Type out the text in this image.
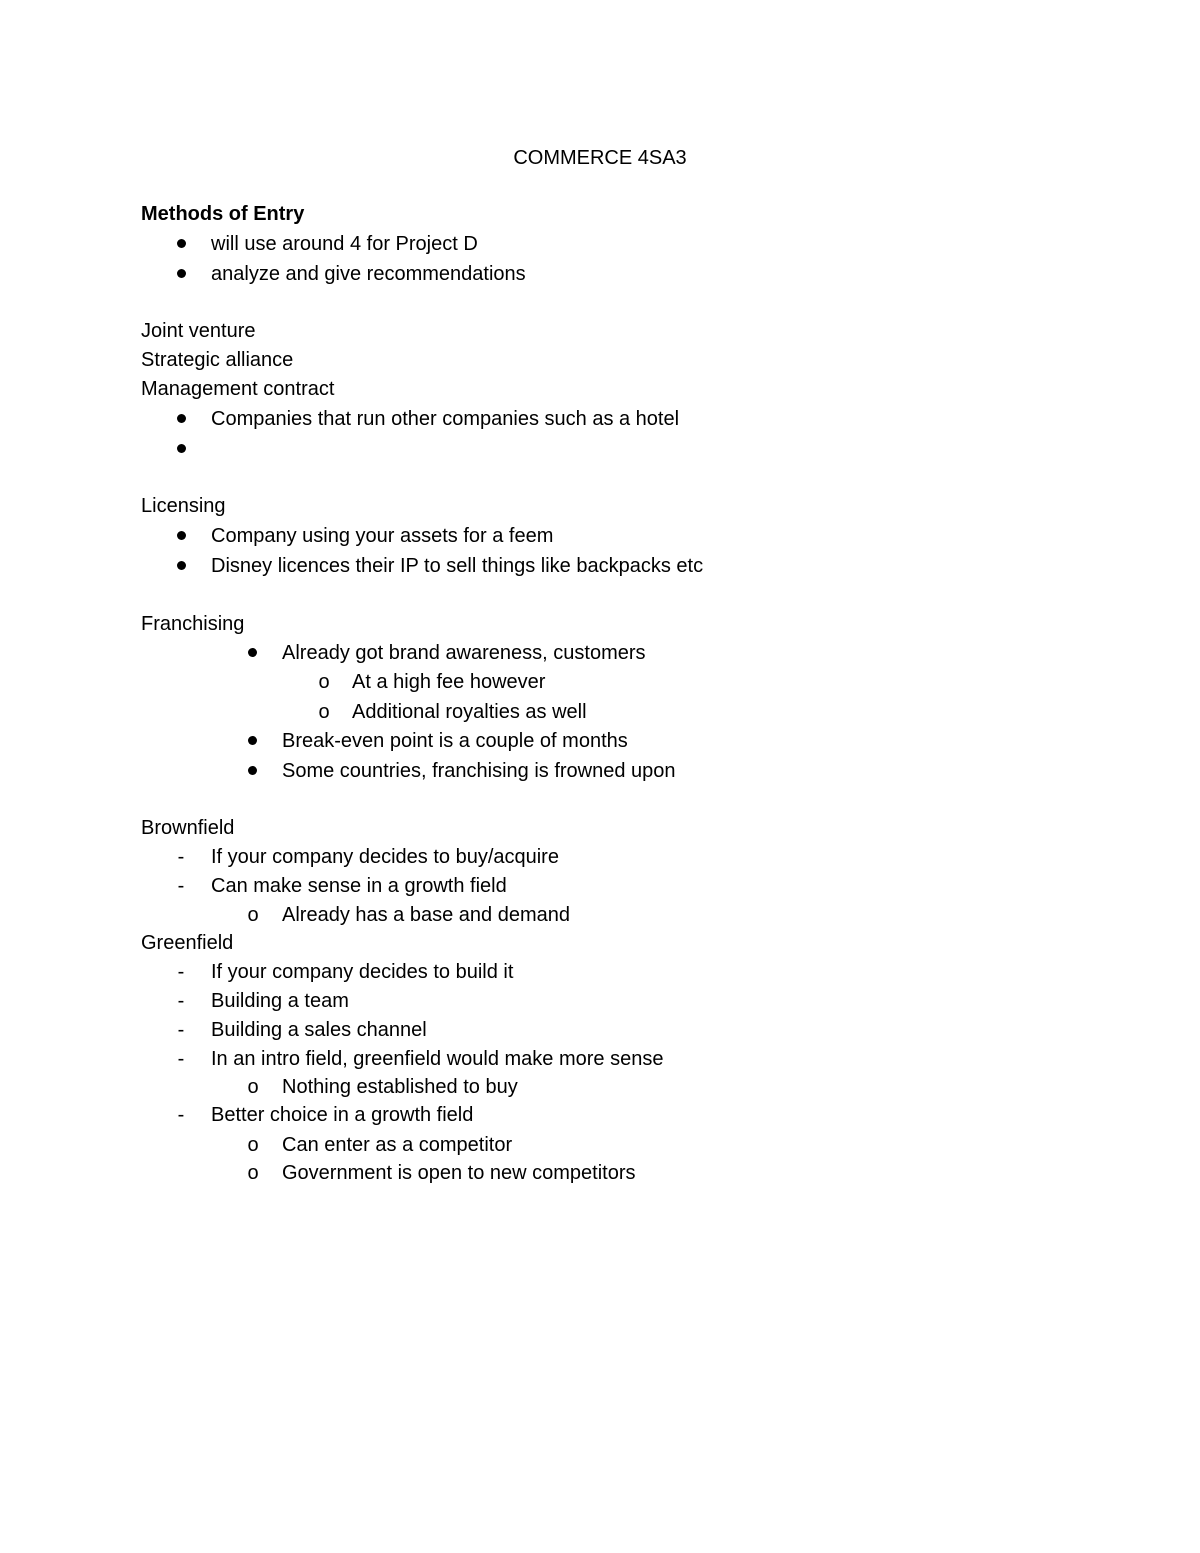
COMMERCE 4SA3
Methods of Entry
will use around 4 for Project D
analyze and give recommendations
Joint venture
Strategic alliance
Management contract
Companies that run other companies such as a hotel
Licensing
Company using your assets for a feem
Disney licences their IP to sell things like backpacks etc
Franchising
Already got brand awareness, customers
o	At a high fee however
o	Additional royalties as well
Break-even point is a couple of months
Some countries, franchising is frowned upon
Brownfield
-	If your company decides to buy/acquire
-	Can make sense in a growth field
o	Already has a base and demand
Greenfield
-	If your company decides to build it
-	Building a team
-	Building a sales channel
-	In an intro field, greenfield would make more sense
o	Nothing established to buy
-	Better choice in a growth field
o	Can enter as a competitor
o	Government is open to new competitors
